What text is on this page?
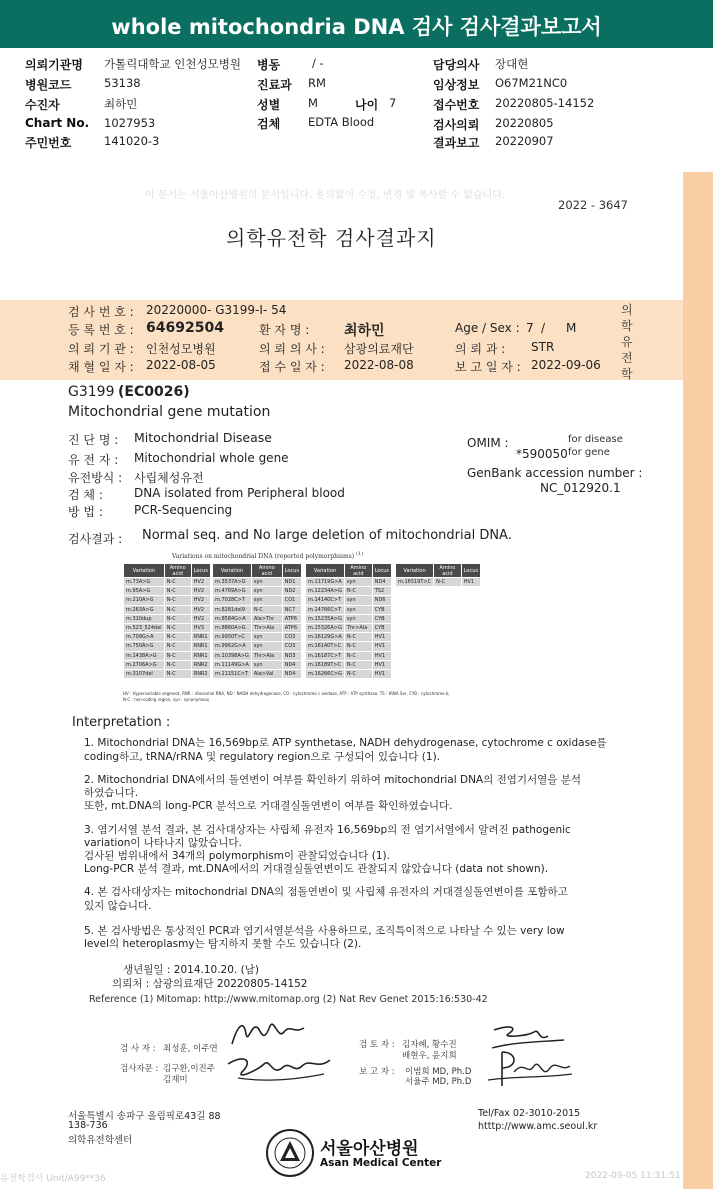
whole mitochondria DNA 검사 검사결과보고서
의뢰기관명 가톨릭대학교 인천성모병원
병원코드	53138
수진자	최하민
Chart No. 1027953
주민번호	141020-3
병동	/ -
진료과 RM
성별 M	나이 7
검체 EDTA Blood
담당의사 장대현
임상정보 O67M21NC0
접수번호 20220805-14152
검사의뢰 20220805
결과보고 20220907
이 문서는 서울아산병원의 문서입니다. 용의없이 수정, 변경 및 복사할 수 없습니다.
2022 - 3647
의학유전학 검사결과지
의학유전학
검 사 번 호 : 20220000- G3199-I- 54
등 록 번 호 : 64692504	환 자 명 : 최하민	Age / Sex : 7 / M
의 뢰 기 관 : 인천성모병원	의 뢰 의 사 : 삼광의료재단	의 뢰 과 : STR
채 혈 일 자 : 2022-08-05	접 수 일 자 : 2022-08-08	보 고 일 자 : 2022-09-06
G3199 (EC0026)
Mitochondrial gene mutation
진 단 명 : Mitochondrial Disease
유 전 자 : Mitochondrial whole gene
유전방식 : 사립체성유전
검 체 :	DNA isolated from Peripheral blood
방 법 :	PCR-Sequencing
OMIM :	for disease
*590050 for gene
GenBank accession number :
NC_012920.1
검사결과 : Normal seq. and No large deletion of mitochondrial DNA.
Variations on mitochondrial DNA (reported polymorphisms) $^{(1)}$
Variation	Amino acid	Locus
m.73A>G	N-C	HV2
m.95A>G	N-C	HV2
m.210A>G	N-C	HV2
m.263A>G	N-C	HV2
m.310dup	N-C	HV2
m.523_524del	N-C	HV3
m.709G>A	N-C	RNR1
m.750A>G	N-C	RNR1
m.1438A>G	N-C	RNR1
m.2706A>G	N-C	RNR2
m.3107del	N-C	RNR2
Variation	Amino acid	Locus
m.3537A>G	syn	ND1
m.4769A>G	syn	ND2
m.7028C>T	syn	CO1
m.8281del9	N-C	NC7
m.8584G>A	Ala>Thr	ATP6
m.8860A>G	Thr>Ala	ATP6
m.9950T>C	syn	CO3
m.9962G>A	syn	CO3
m.10398A>G	Thr>Ala	ND3
m.11149G>A	syn	ND4
m.11151C>T	Ala>Val	ND4
Variation	Amino acid	Locus
m.11719G>A	syn	ND4
m.12234A>G	N-C	TS2
m.14140C>T	syn	ND6
m.14766C>T	syn	CYB
m.15235A>G	syn	CYB
m.15326A>G	Thr>Ala	CYB
m.16129G>A	N-C	HV1
m.16140T>C	N-C	HV1
m.16187C>T	N-C	HV1
m.16189T>C	N-C	HV1
m.16266C>G	N-C	HV1
Variation	Amino acid	Locus
m.16519T>C	N-C	HV1
HV : Hypervariable segment, RNR : ribosomal RNA, ND : NADH dehydrogenase, CO : cytochrome c oxidase, ATP : ATP synthase, TS : tRNA Ser, CYB : cytochrome b,
N-C : non-coding region, syn : synonymous
Interpretation :
1. Mitochondrial DNA는 16,569bp로 ATP synthetase, NADH dehydrogenase, cytochrome c oxidase를
coding하고, tRNA/rRNA 및 regulatory region으로 구성되어 있습니다 (1).
2. Mitochondrial DNA에서의 돌연변이 여부를 확인하기 위하여 mitochondrial DNA의 전염기서열을 분석
하였습니다.
또한, mt.DNA의 long-PCR 분석으로 거대결실돌연변이 여부를 확인하였습니다.
3. 염기서열 분석 결과, 본 검사대상자는 사립체 유전자 16,569bp의 전 염기서열에서 알려진 pathogenic
variation이 나타나지 않았습니다.
검사된 범위내에서 34개의 polymorphism이 관찰되었습니다 (1).
Long-PCR 분석 결과, mt.DNA에서의 거대결실돌연변이도 관찰되지 않았습니다 (data not shown).
4. 본 검사대상자는 mitochondrial DNA의 점돌연변이 및 사립체 유전자의 거대결실돌연변이를 포함하고
있지 않습니다.
5. 본 검사방법은 통상적인 PCR과 염기서열분석을 사용하므로, 조직특이적으로 나타날 수 있는 very low
level의 heteroplasmy는 탐지하지 못할 수도 있습니다 (2).
생년월일 : 2014.10.20. (남)
의뢰처 : 삼광의료재단 20220805-14152
Reference (1) Mitomap: http://www.mitomap.org (2) Nat Rev Genet 2015:16:530-42
검 사 자 : 최성훈, 이주연
검사자문 : 김구환,이진주
김재미
검 토 자 : 김자혜, 황수진
배현우, 윤지희
보 고 자 : 이범희 MD, Ph.D
서율주 MD, Ph.D
서울특별시 송파구 올림픽로43길 88
138-736
의학유전학센터
Tel/Fax 02-3010-2015
htttp://www.amc.seoul.kr
서울아산병원
Asan Medical Center
유전학검사 Unit/A99**36	2022-09-05 11:31:51
